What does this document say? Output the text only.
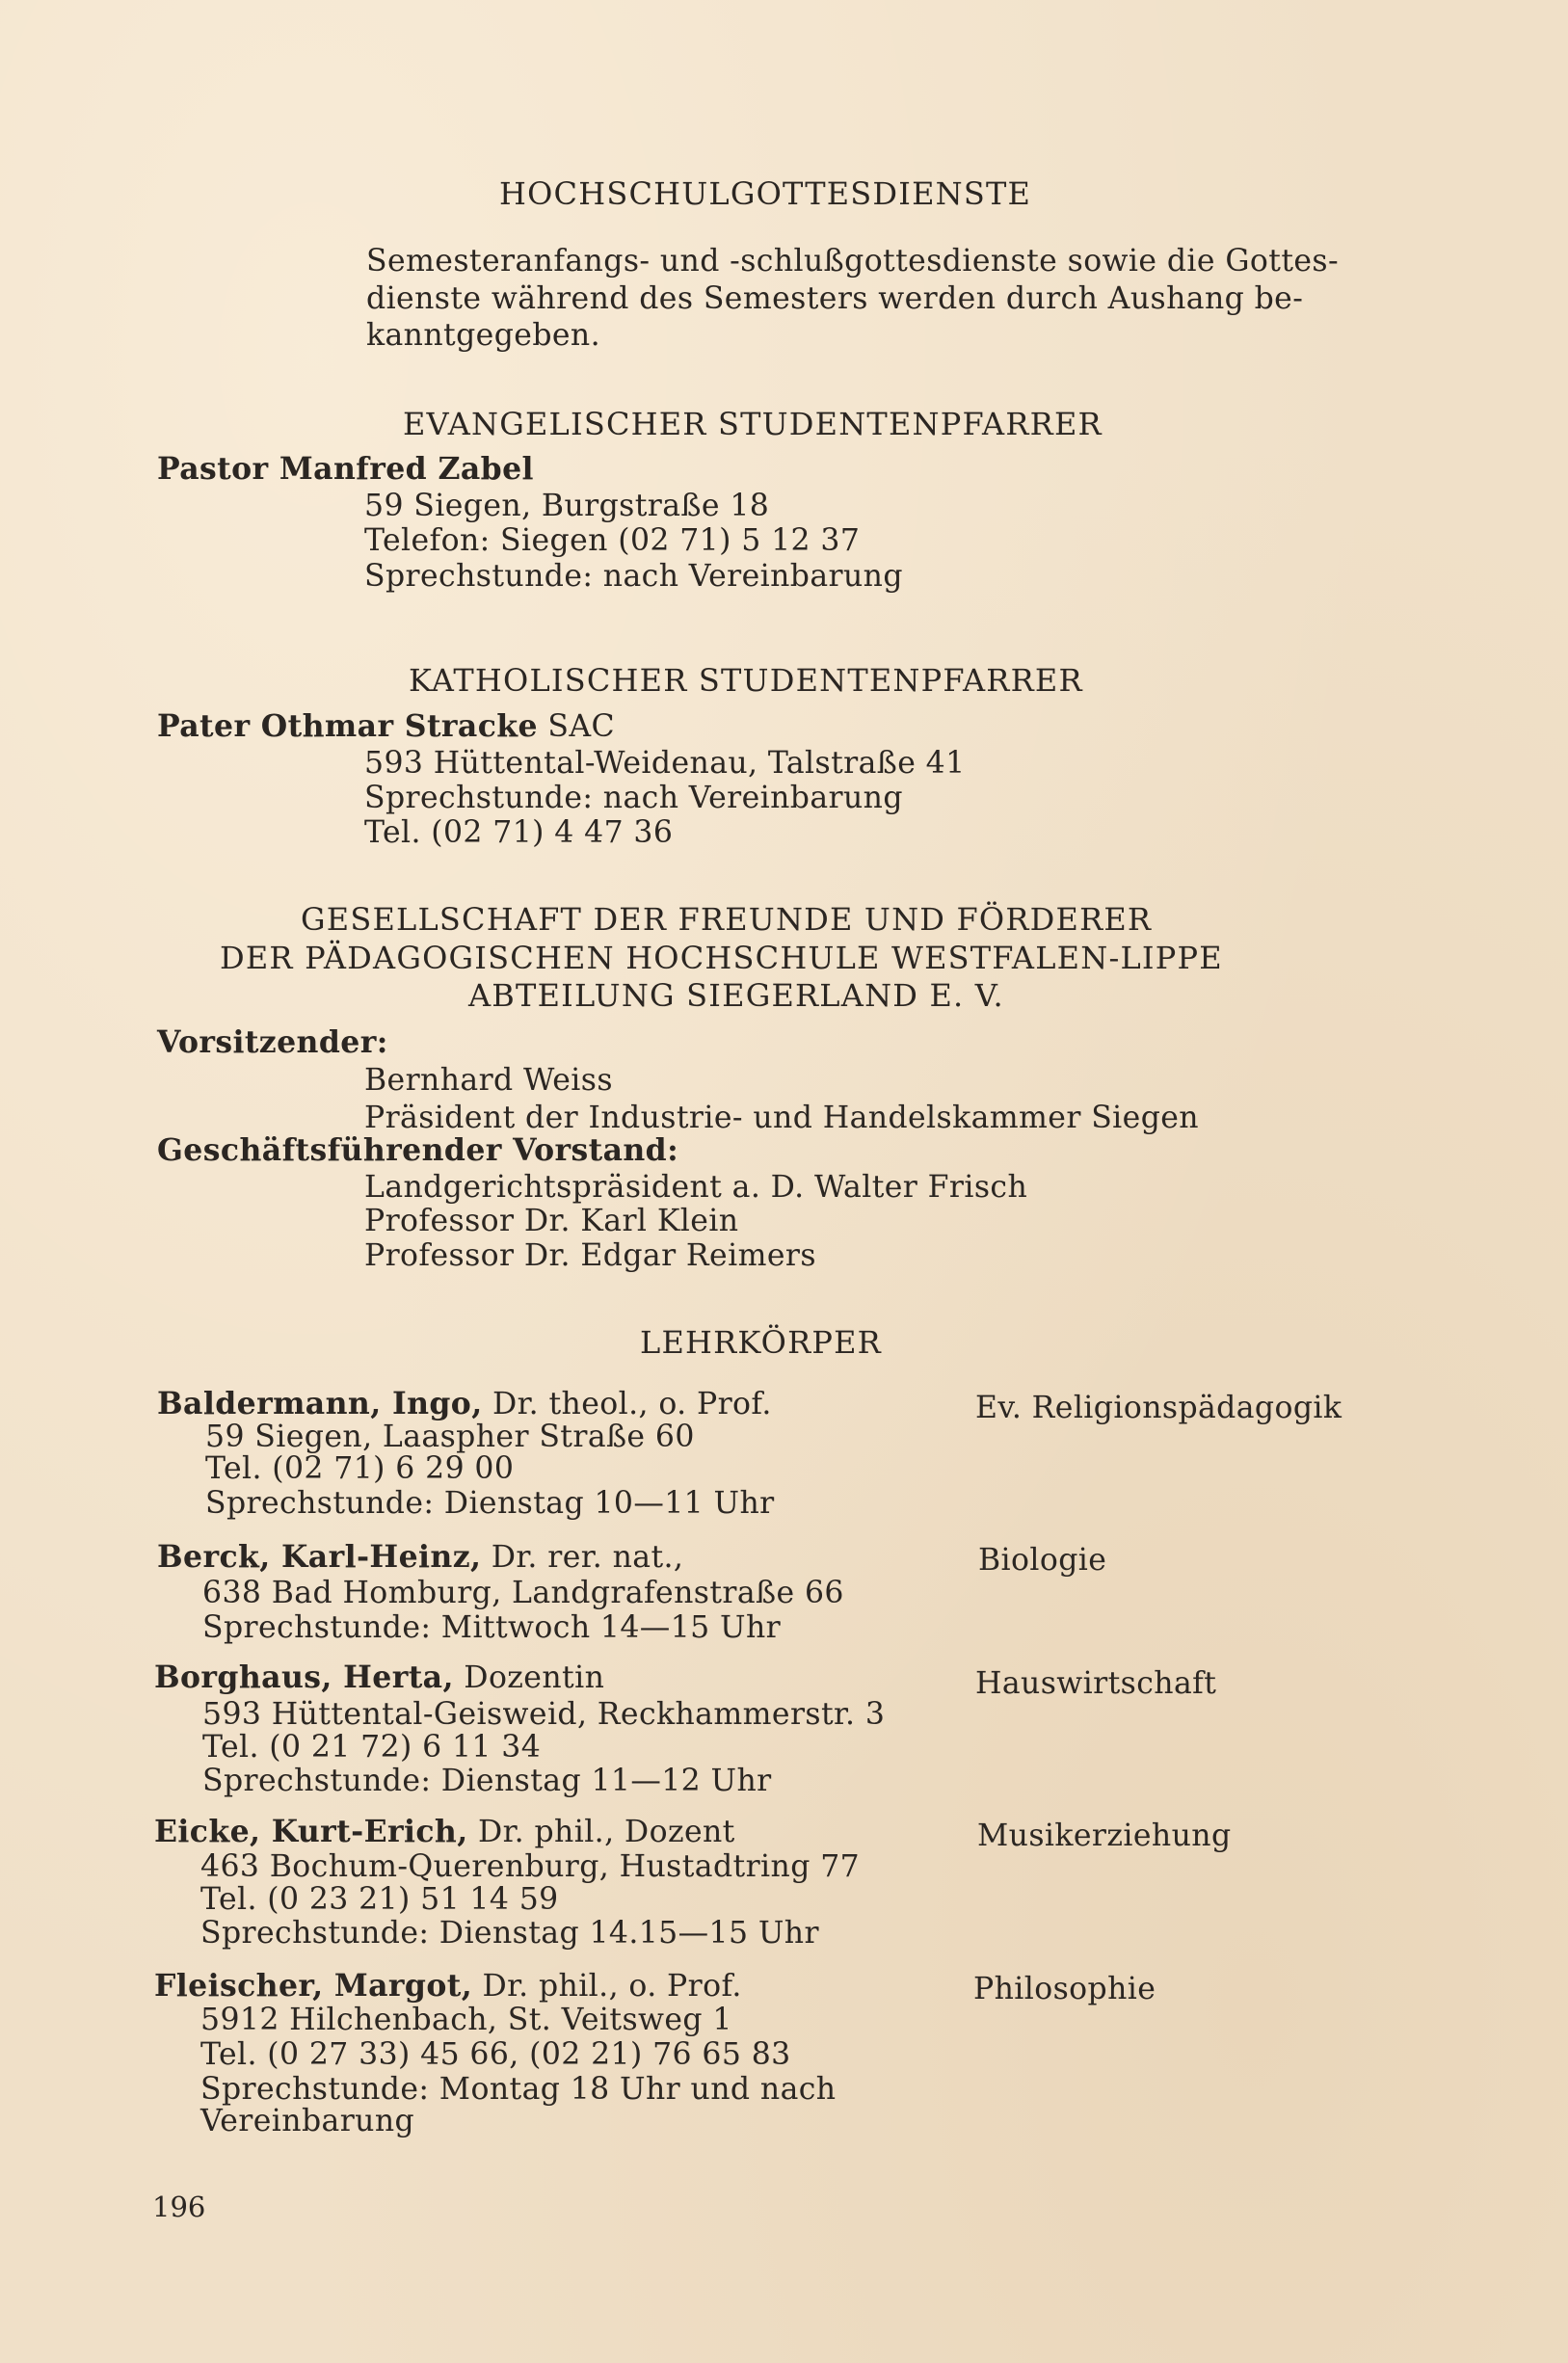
HOCHSCHULGOTTESDIENSTE
Semesteranfangs- und -schlußgottesdienste sowie die Gottes-
dienste während des Semesters werden durch Aushang be-
kanntgegeben.
EVANGELISCHER STUDENTENPFARRER
Pastor Manfred Zabel
59 Siegen, Burgstraße 18
Telefon: Siegen (02 71) 5 12 37
Sprechstunde: nach Vereinbarung
KATHOLISCHER STUDENTENPFARRER
Pater Othmar Stracke SAC
593 Hüttental-Weidenau, Talstraße 41
Sprechstunde: nach Vereinbarung
Tel. (02 71) 4 47 36
GESELLSCHAFT DER FREUNDE UND FÖRDERER
DER PÄDAGOGISCHEN HOCHSCHULE WESTFALEN-LIPPE
ABTEILUNG SIEGERLAND E. V.
Vorsitzender:
Bernhard Weiss
Präsident der Industrie- und Handelskammer Siegen
Geschäftsführender Vorstand:
Landgerichtspräsident a. D. Walter Frisch
Professor Dr. Karl Klein
Professor Dr. Edgar Reimers
LEHRKÖRPER
Baldermann, Ingo, Dr. theol., o. Prof.	Ev. Religionspädagogik
59 Siegen, Laaspher Straße 60
Tel. (02 71) 6 29 00
Sprechstunde: Dienstag 10—11 Uhr
Berck, Karl-Heinz, Dr. rer. nat.,	Biologie
638 Bad Homburg, Landgrafenstraße 66
Sprechstunde: Mittwoch 14—15 Uhr
Borghaus, Herta, Dozentin	Hauswirtschaft
593 Hüttental-Geisweid, Reckhammerstr. 3
Tel. (0 21 72) 6 11 34
Sprechstunde: Dienstag 11—12 Uhr
Eicke, Kurt-Erich, Dr. phil., Dozent	Musikerziehung
463 Bochum-Querenburg, Hustadtring 77
Tel. (0 23 21) 51 14 59
Sprechstunde: Dienstag 14.15—15 Uhr
Fleischer, Margot, Dr. phil., o. Prof.	Philosophie
5912 Hilchenbach, St. Veitsweg 1
Tel. (0 27 33) 45 66, (02 21) 76 65 83
Sprechstunde: Montag 18 Uhr und nach
Vereinbarung
196
